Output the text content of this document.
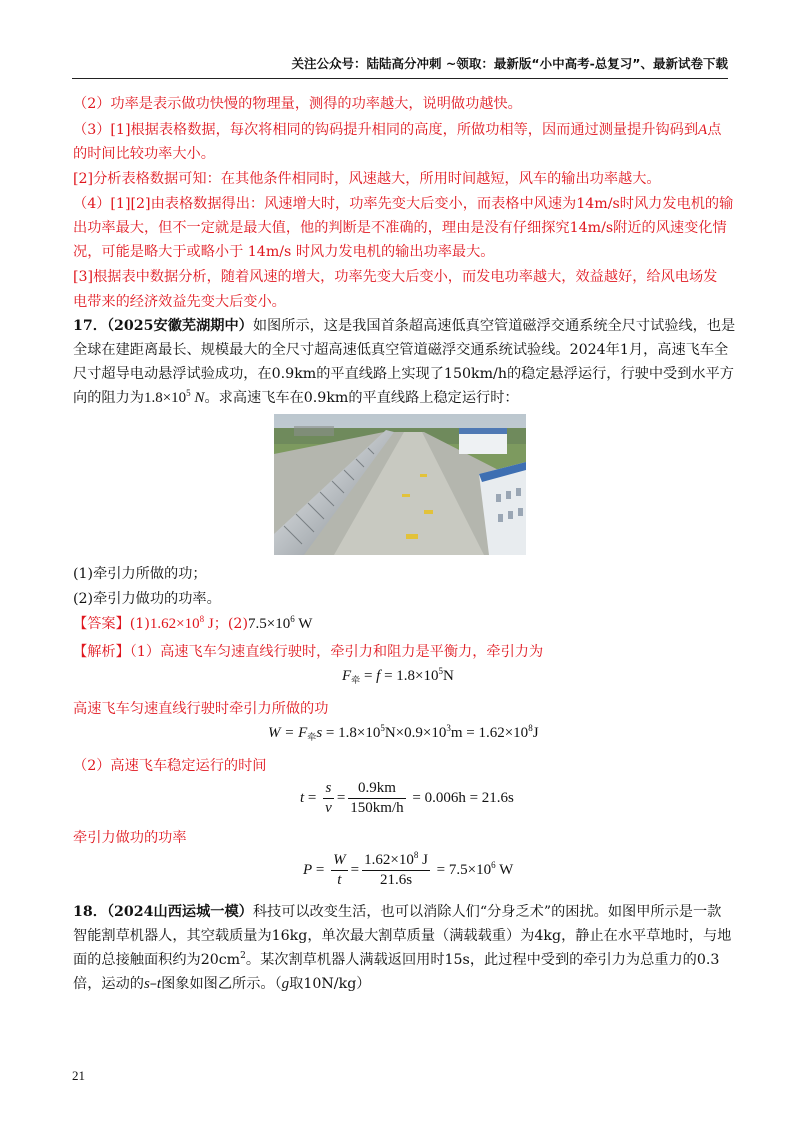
关注公众号：陆陆高分冲刺 ~领取：最新版“小中高考-总复习”、最新试卷下载
（2）功率是表示做功快慢的物理量，测得的功率越大，说明做功越快。
（3）[1]根据表格数据，每次将相同的钩码提升相同的高度，所做功相等，因而通过测量提升钩码到A点
的时间比较功率大小。
[2]分析表格数据可知：在其他条件相同时，风速越大，所用时间越短，风车的输出功率越大。
（4）[1][2]由表格数据得出：风速增大时，功率先变大后变小，而表格中风速为14m/s时风力发电机的输
出功率最大，但不一定就是最大值，他的判断是不准确的，理由是没有仔细探究14m/s附近的风速变化情
况，可能是略大于或略小于 14m/s 时风力发电机的输出功率最大。
[3]根据表中数据分析，随着风速的增大，功率先变大后变小，而发电功率越大，效益越好，给风电场发
电带来的经济效益先变大后变小。
17．（2025安徽芜湖期中）如图所示，这是我国首条超高速低真空管道磁浮交通系统全尺寸试验线，也是
全球在建距离最长、规模最大的全尺寸超高速低真空管道磁浮交通系统试验线。2024年1月，高速飞车全
尺寸超导电动悬浮试验成功，在0.9km的平直线路上实现了150km/h的稳定悬浮运行，行驶中受到水平方
向的阻力为$1.8\times 10^5$ N。求高速飞车在0.9km的平直线路上稳定运行时：
(1)牵引力所做的功；
(2)牵引力做功的功率。
【答案】$(1)1.62\times 10^8$ J；$(2)7.5\times 10^6$ W
【解析】（1）高速飞车匀速直线行驶时，牵引力和阻力是平衡力，牵引力为
$F_牵 = f = 1.8\times 10^5N$
高速飞车匀速直线行驶时牵引力所做的功
$W = F_牵s = 1.8\times 10^5N\times 0.9\times 10^3m = 1.62\times 10^8J$
（2）高速飞车稳定运行的时间
$t = \frac{s}{v} = \frac{0.9km}{150km/h} = 0.006h = 21.6s$
牵引力做功的功率
$P = \frac{W}{t} = \frac{1.62\times 10^8 J}{21.6s} = 7.5\times 10^6$ W
18．（2024山西运城一模）科技可以改变生活，也可以消除人们“分身乏术”的困扰。如图甲所示是一款
智能割草机器人，其空载质量为16kg，单次最大割草质量（满载载重）为4kg，静止在水平草地时，与地
面的总接触面积约为$20cm^2$。某次割草机器人满载返回用时15s，此过程中受到的牵引力为总重力的0.3
倍，运动的s–t图象如图乙所示。（g取10N/kg）
21
